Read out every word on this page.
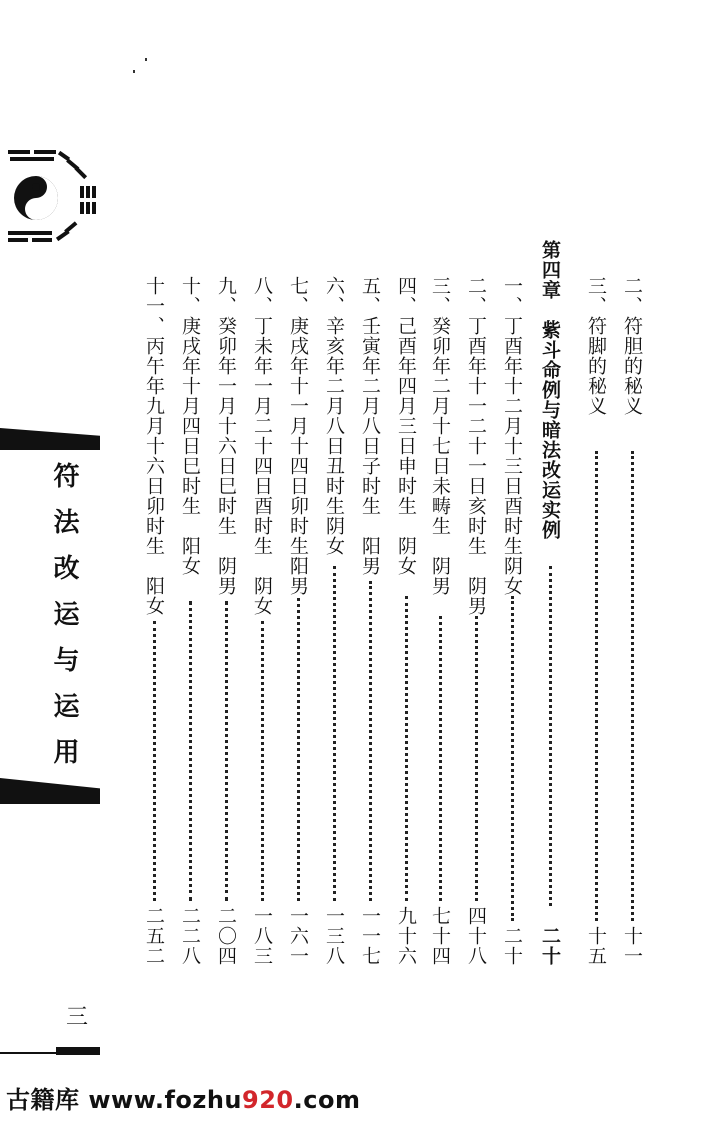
符法改运与运用
二、符胆的秘义
十一
三、符脚的秘义
十五
第四章　紫斗命例与暗法改运实例
二十
一、丁酉年十二月十三日酉时生阴女
二十
二、丁酉年十一二十一日亥时生　阴男
四十八
三、癸卯年二月十七日未畴生　阴男
七十四
四、己酉年四月三日申时生　阴女
九十六
五、壬寅年二月八日子时生　阳男
一一七
六、辛亥年二月八日丑时生阴女
一三八
七、庚戌年十一月十四日卯时生阳男
一六一
八、丁未年一月二十四日酉时生　阴女
一八三
九、癸卯年一月十六日巳时生　阴男
二〇四
十、庚戌年十月四日巳时生　阳女
二二八
十一、丙午年九月十六日卯时生　阳女
二五二
三
古籍库 www.fozhu920.com
